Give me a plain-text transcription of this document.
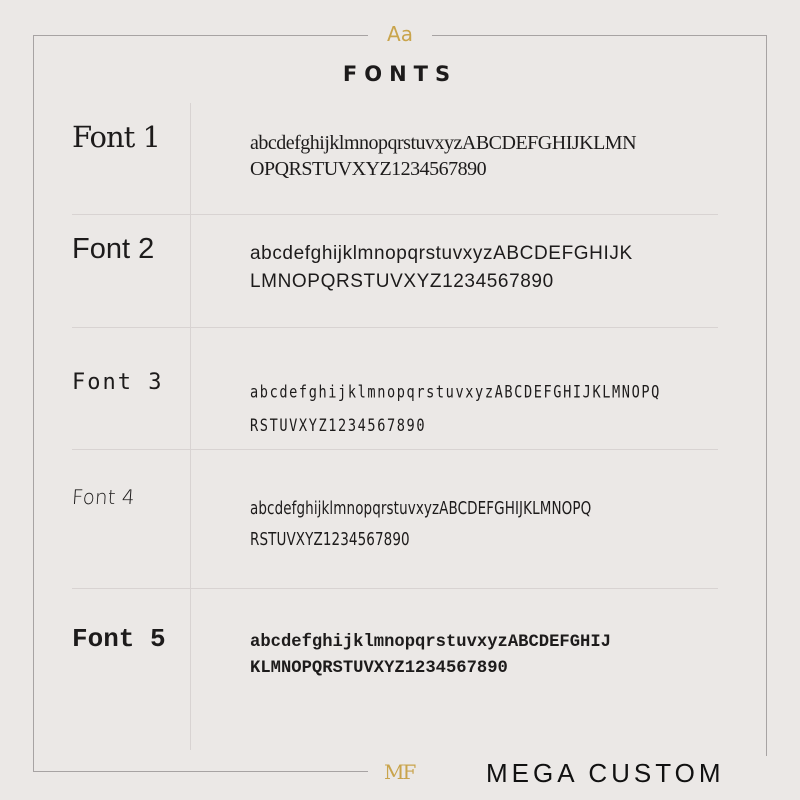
Aa
FONTS
Font 1	abcdefghijklmnopqrstuvxyzABCDEFGHIJKLMN
OPQRSTUVXYZ1234567890
Font 2	abcdefghijklmnopqrstuvxyzABCDEFGHIJK
LMNOPQRSTUVXYZ1234567890
Font 3	abcdefghijklmnopqrstuvxyzABCDEFGHIJKLMNOPQ
RSTUVXYZ1234567890
Font 4	abcdefghijklmnopqrstuvxyzABCDEFGHIJKLMNOPQ
RSTUVXYZ1234567890
Font 5	abcdefghijklmnopqrstuvxyzABCDEFGHIJ
KLMNOPQRSTUVXYZ1234567890
MF	MEGA CUSTOM
